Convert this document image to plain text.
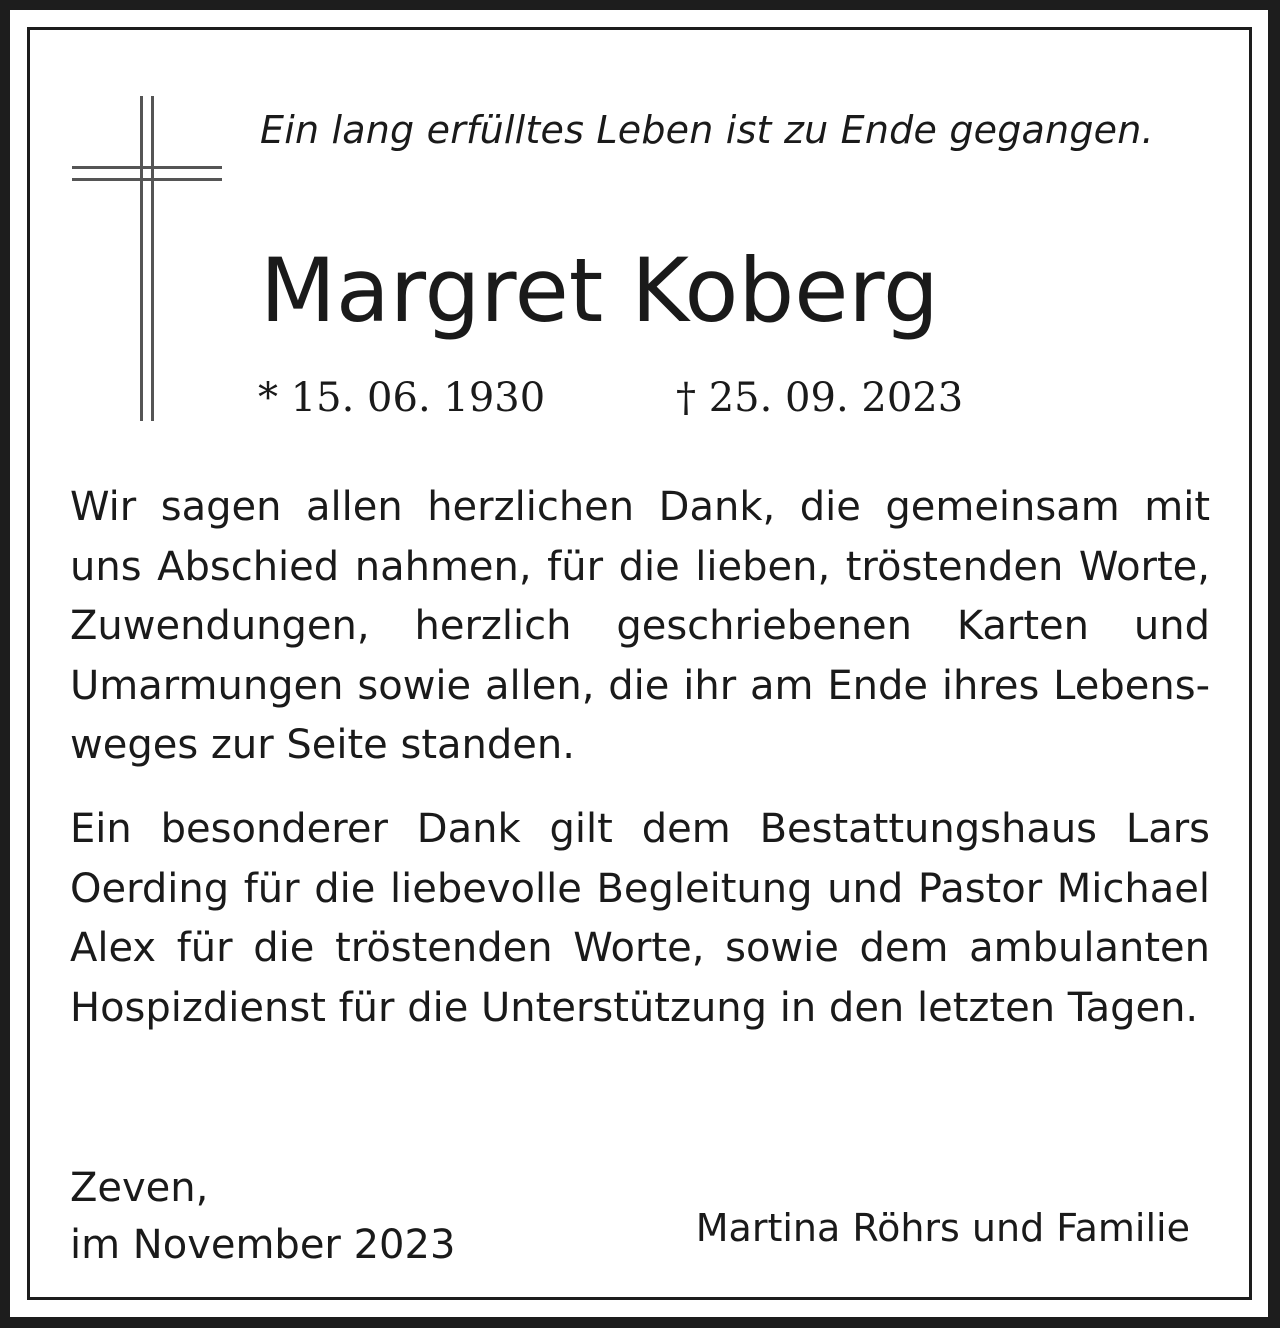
Ein lang erfülltes Leben ist zu Ende gegangen.
Margret Koberg
* 15. 06. 1930	† 25. 09. 2023
Wir sagen allen herzlichen Dank, die gemeinsam mit uns Abschied nahmen, für die lieben, tröstenden Worte, Zuwendungen, herzlich geschriebenen Karten und Umarmungen sowie allen, die ihr am Ende ihres Lebensweges zur Seite standen.
Ein besonderer Dank gilt dem Bestattungshaus Lars Oerding für die liebevolle Begleitung und Pastor Michael Alex für die tröstenden Worte, sowie dem ambulanten Hospizdienst für die Unterstützung in den letzten Tagen.
Zeven,
im November 2023	Martina Röhrs und Familie
